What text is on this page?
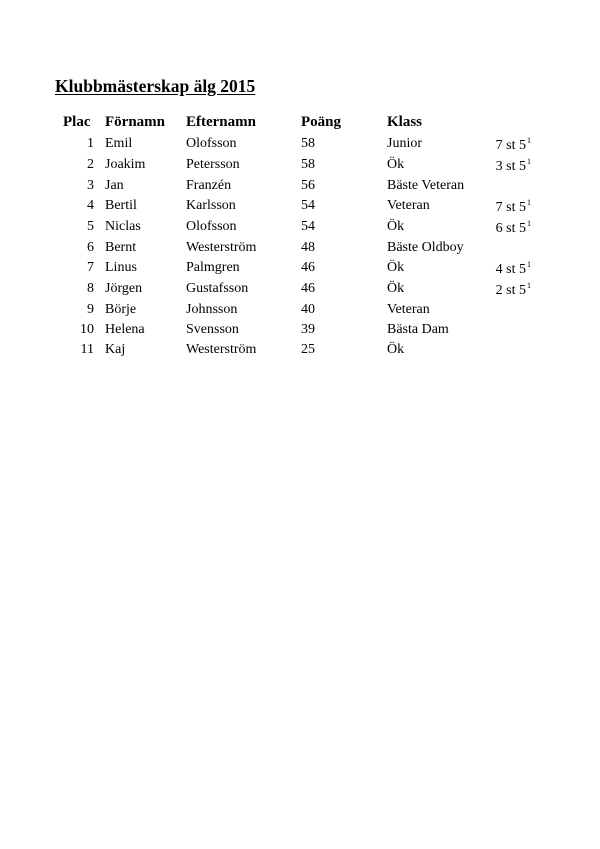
Klubbmästerskap älg 2015
Plac Förnamn Efternamn	Poäng	Klass
1 Emil	Olofsson	58	Junior	7 st $5^1$
2 Joakim	Petersson	58	Ök	3 st $5^1$
3 Jan	Franzén	56	Bäste Veteran
4 Bertil	Karlsson	54	Veteran	7 st $5^1$
5 Niclas	Olofsson	54	Ök	6 st $5^1$
6 Bernt	Westerström	48	Bäste Oldboy
7 Linus	Palmgren	46	Ök	4 st $5^1$
8 Jörgen	Gustafsson	46	Ök	2 st $5^1$
9 Börje	Johnsson	40	Veteran
10 Helena	Svensson	39	Bästa Dam
11 Kaj	Westerström	25	Ök
